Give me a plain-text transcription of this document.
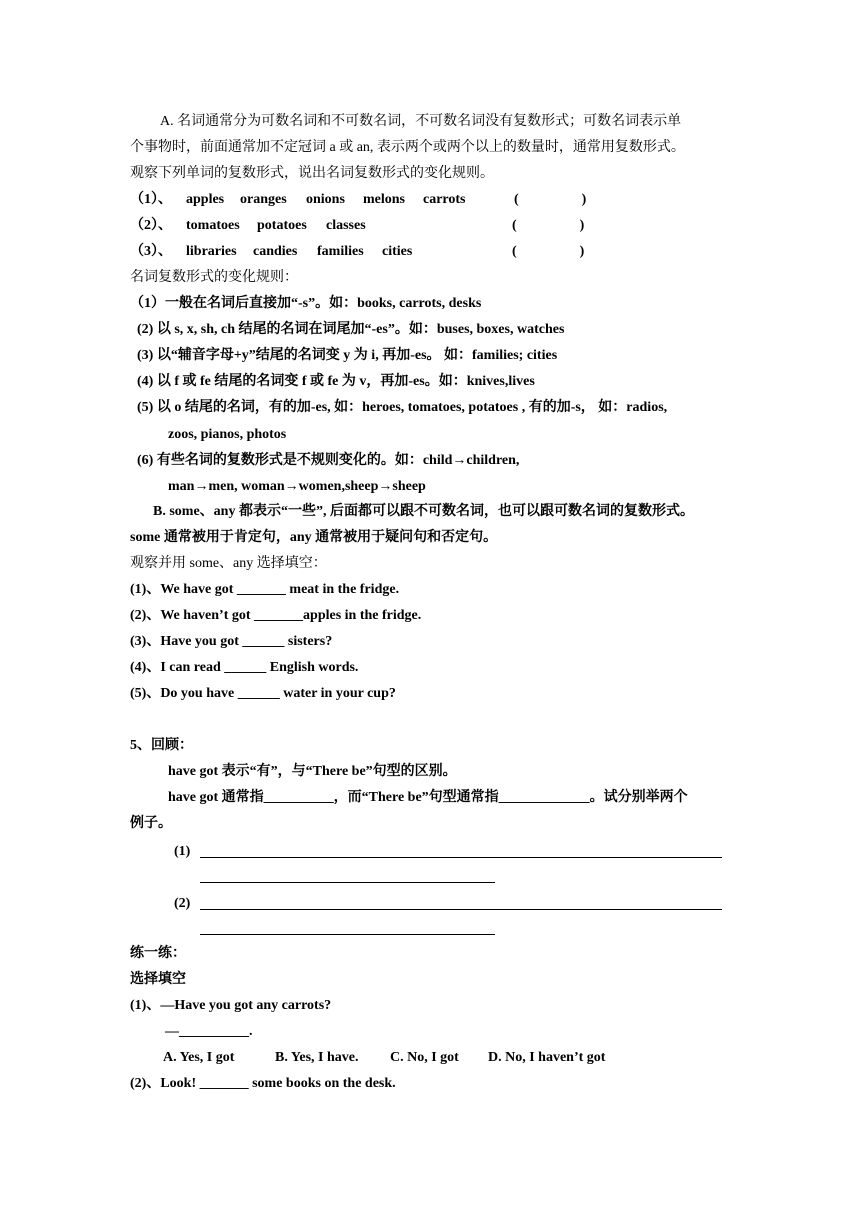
A. 名词通常分为可数名词和不可数名词，不可数名词没有复数形式；可数名词表示单
个事物时，前面通常加不定冠词 a 或 an, 表示两个或两个以上的数量时，通常用复数形式。
观察下列单词的复数形式，说出名词复数形式的变化规则。
（1）、 apples oranges onions melons carrots	(                  )
（2）、 tomatoes potatoes classes	(                  )
（3）、 libraries candies families cities	(                  )
名词复数形式的变化规则：
（1）一般在名词后直接加“-s”。如：books, carrots, desks
(2) 以 s, x, sh, ch 结尾的名词在词尾加“-es”。如：buses, boxes, watches
(3) 以“辅音字母+y”结尾的名词变 y 为 i, 再加-es。 如：families; cities
(4) 以 f 或 fe 结尾的名词变 f 或 fe 为 v，再加-es。如：knives,lives
(5) 以 o 结尾的名词，有的加-es, 如：heroes, tomatoes, potatoes , 有的加-s， 如：radios,
zoos, pianos, photos
(6) 有些名词的复数形式是不规则变化的。如：child→children,
man→men, woman→women,sheep→sheep
B. some、any 都表示“一些”, 后面都可以跟不可数名词，也可以跟可数名词的复数形式。
some 通常被用于肯定句，any 通常被用于疑问句和否定句。
观察并用 some、any 选择填空：
(1)、We have got _______ meat in the fridge.
(2)、We haven’t got _______apples in the fridge.
(3)、Have you got ______ sisters?
(4)、I can read ______ English words.
(5)、Do you have ______ water in your cup?
5、回顾：
have got 表示“有”，与“There be”句型的区别。
have got 通常指__________，而“There be”句型通常指_____________。试分别举两个
例子。
(1)
(2)
练一练：
选择填空
(1)、—Have you got any carrots?
—__________.
A. Yes, I got	B. Yes, I have. C. No, I got D. No, I haven’t got
(2)、Look! _______ some books on the desk.
